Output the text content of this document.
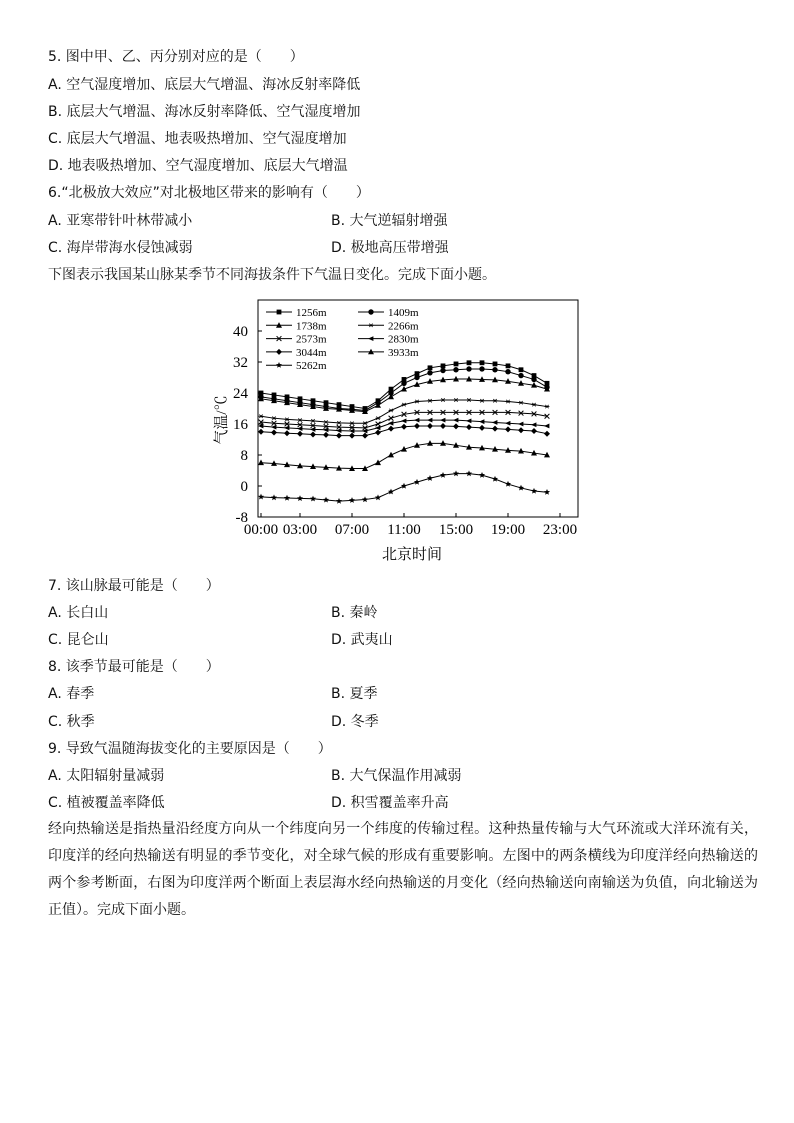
5. 图中甲、乙、丙分别对应的是（　　）
A. 空气湿度增加、底层大气增温、海冰反射率降低
B. 底层大气增温、海冰反射率降低、空气湿度增加
C. 底层大气增温、地表吸热增加、空气湿度增加
D. 地表吸热增加、空气湿度增加、底层大气增温
6.“北极放大效应”对北极地区带来的影响有（　　）
A. 亚寒带针叶林带减小	B. 大气逆辐射增强
C. 海岸带海水侵蚀减弱	D. 极地高压带增强
下图表示我国某山脉某季节不同海拔条件下气温日变化。完成下面小题。
40
32
24
16
8
0
-8
00:00 03:00 07:00 11:00 15:00 19:00 23:00
1256m	1409m
1738m	2266m
2573m	2830m
3044m	3933m
5262m
气温/℃
北京时间
7. 该山脉最可能是（　　）
A. 长白山	B. 秦岭
C. 昆仑山	D. 武夷山
8. 该季节最可能是（　　）
A. 春季	B. 夏季
C. 秋季	D. 冬季
9. 导致气温随海拔变化的主要原因是（　　）
A. 太阳辐射量减弱	B. 大气保温作用减弱
C. 植被覆盖率降低	D. 积雪覆盖率升高
经向热输送是指热量沿经度方向从一个纬度向另一个纬度的传输过程。这种热量传输与大气环流或大洋环流有关，印度洋的经向热输送有明显的季节变化，对全球气候的形成有重要影响。左图中的两条横线为印度洋经向热输送的两个参考断面，右图为印度洋两个断面上表层海水经向热输送的月变化（经向热输送向南输送为负值，向北输送为正值）。完成下面小题。
